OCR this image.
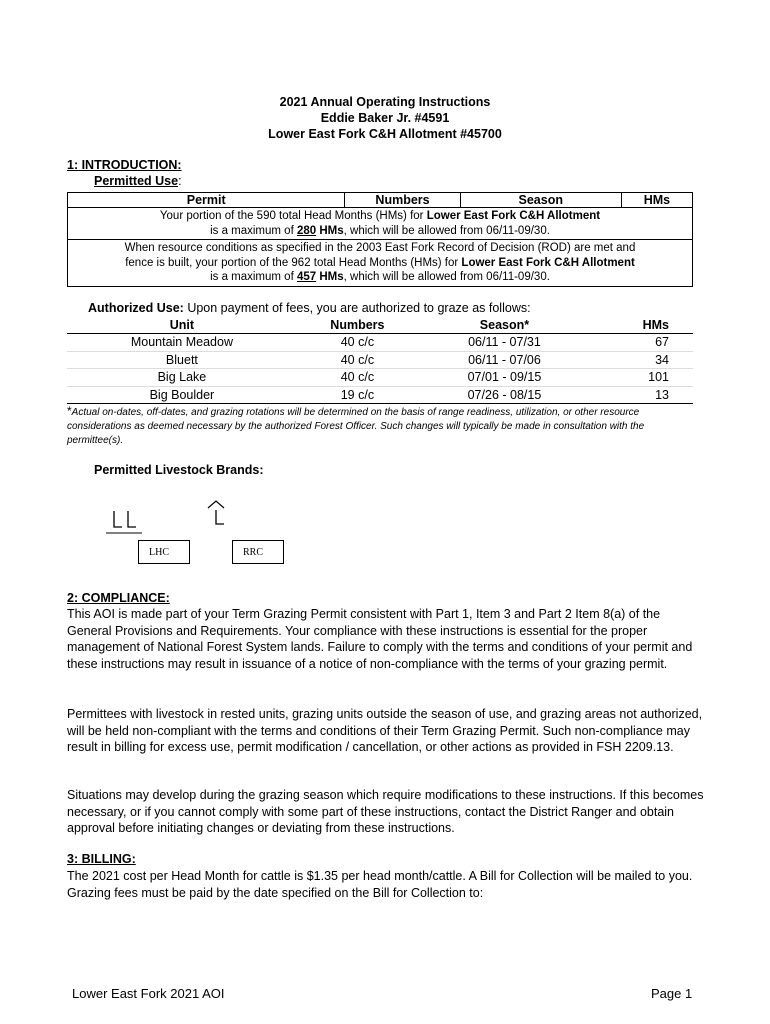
2021 Annual Operating Instructions
Eddie Baker Jr. #4591
Lower East Fork C&H Allotment #45700
1: INTRODUCTION:
Permitted Use:
Permit	Numbers	Season	HMs
Your portion of the 590 total Head Months (HMs) for Lower East Fork C&H Allotment
is a maximum of 280 HMs, which will be allowed from 06/11-09/30.
When resource conditions as specified in the 2003 East Fork Record of Decision (ROD) are met and
fence is built, your portion of the 962 total Head Months (HMs) for Lower East Fork C&H Allotment
is a maximum of 457 HMs, which will be allowed from 06/11-09/30.
Authorized Use: Upon payment of fees, you are authorized to graze as follows:
Unit	Numbers	Season*	HMs
Mountain Meadow	40 c/c	06/11 - 07/31	67
Bluett	40 c/c	06/11 - 07/06	34
Big Lake	40 c/c	07/01 - 09/15	101
Big Boulder	19 c/c	07/26 - 08/15	13
*Actual on-dates, off-dates, and grazing rotations will be determined on the basis of range readiness, utilization, or other resource considerations as deemed necessary by the authorized Forest Officer. Such changes will typically be made in consultation with the permittee(s).
Permitted Livestock Brands:
LHC	RRC
2: COMPLIANCE:
This AOI is made part of your Term Grazing Permit consistent with Part 1, Item 3 and Part 2 Item 8(a) of the General Provisions and Requirements. Your compliance with these instructions is essential for the proper management of National Forest System lands. Failure to comply with the terms and conditions of your permit and these instructions may result in issuance of a notice of non-compliance with the terms of your grazing permit.
Permittees with livestock in rested units, grazing units outside the season of use, and grazing areas not authorized, will be held non-compliant with the terms and conditions of their Term Grazing Permit. Such non-compliance may result in billing for excess use, permit modification / cancellation, or other actions as provided in FSH 2209.13.
Situations may develop during the grazing season which require modifications to these instructions. If this becomes necessary, or if you cannot comply with some part of these instructions, contact the District Ranger and obtain approval before initiating changes or deviating from these instructions.
3: BILLING:
The 2021 cost per Head Month for cattle is $1.35 per head month/cattle. A Bill for Collection will be mailed to you. Grazing fees must be paid by the date specified on the Bill for Collection to:
Lower East Fork 2021 AOI	Page 1
